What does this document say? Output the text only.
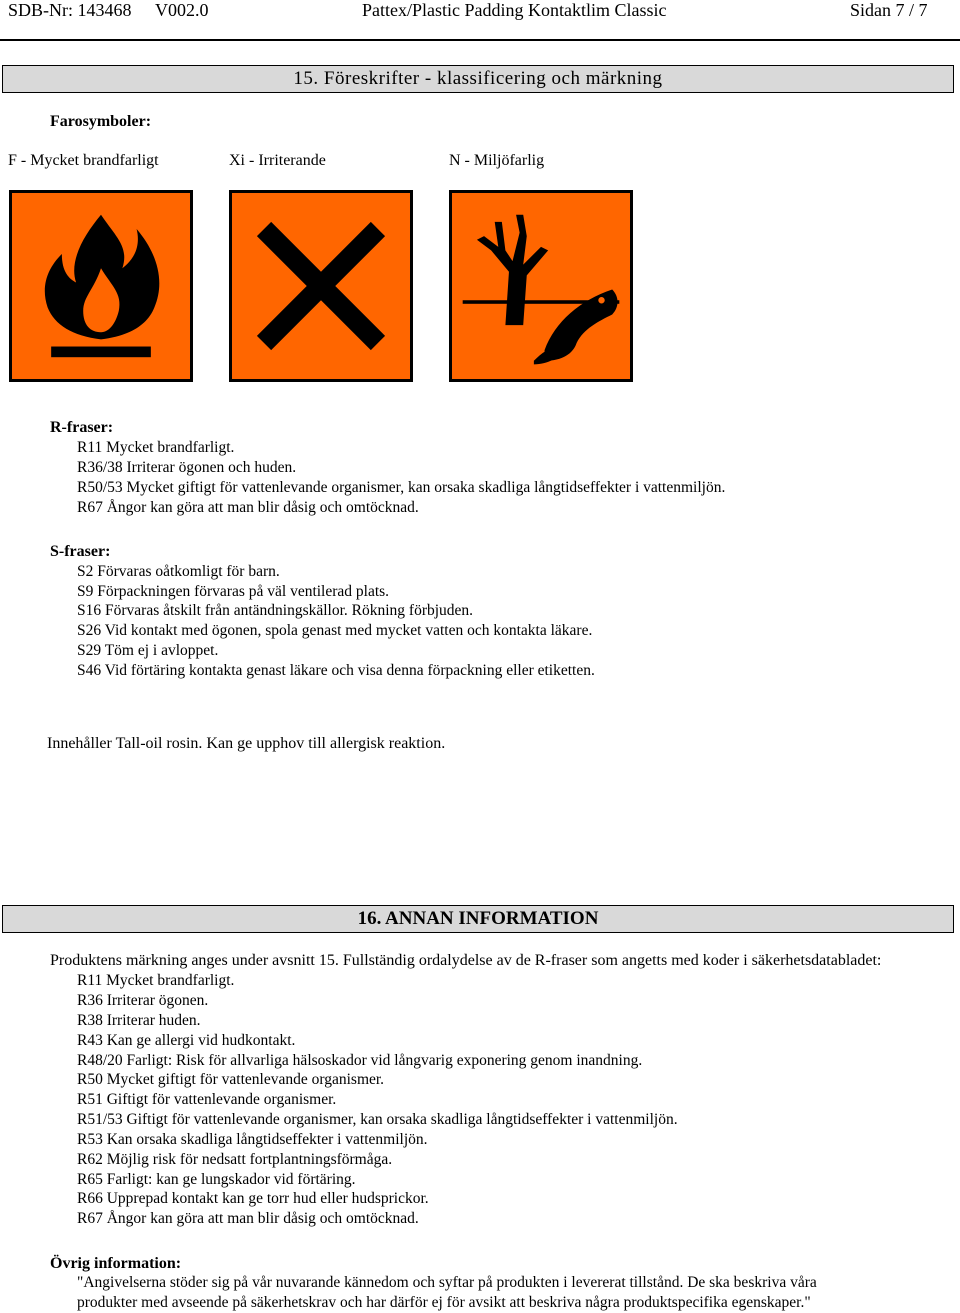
SDB-Nr: 143468 V002.0	Pattex/Plastic Padding Kontaktlim Classic	Sidan 7 / 7
15. Föreskrifter - klassificering och märkning
Farosymboler:
F - Mycket brandfarligt	Xi - Irriterande	N - Miljöfarlig
R-fraser:
R11 Mycket brandfarligt.
R36/38 Irriterar ögonen och huden.
R50/53 Mycket giftigt för vattenlevande organismer, kan orsaka skadliga långtidseffekter i vattenmiljön.
R67 Ångor kan göra att man blir dåsig och omtöcknad.
S-fraser:
S2 Förvaras oåtkomligt för barn.
S9 Förpackningen förvaras på väl ventilerad plats.
S16 Förvaras åtskilt från antändningskällor. Rökning förbjuden.
S26 Vid kontakt med ögonen, spola genast med mycket vatten och kontakta läkare.
S29 Töm ej i avloppet.
S46 Vid förtäring kontakta genast läkare och visa denna förpackning eller etiketten.
Innehåller Tall-oil rosin. Kan ge upphov till allergisk reaktion.
16. ANNAN INFORMATION
Produktens märkning anges under avsnitt 15. Fullständig ordalydelse av de R-fraser som angetts med koder i säkerhetsdatabladet:
R11 Mycket brandfarligt.
R36 Irriterar ögonen.
R38 Irriterar huden.
R43 Kan ge allergi vid hudkontakt.
R48/20 Farligt: Risk för allvarliga hälsoskador vid långvarig exponering genom inandning.
R50 Mycket giftigt för vattenlevande organismer.
R51 Giftigt för vattenlevande organismer.
R51/53 Giftigt för vattenlevande organismer, kan orsaka skadliga långtidseffekter i vattenmiljön.
R53 Kan orsaka skadliga långtidseffekter i vattenmiljön.
R62 Möjlig risk för nedsatt fortplantningsförmåga.
R65 Farligt: kan ge lungskador vid förtäring.
R66 Upprepad kontakt kan ge torr hud eller hudsprickor.
R67 Ångor kan göra att man blir dåsig och omtöcknad.
Övrig information:
"Angivelserna stöder sig på vår nuvarande kännedom och syftar på produkten i levererat tillstånd. De ska beskriva våra
produkter med avseende på säkerhetskrav och har därför ej för avsikt att beskriva några produktspecifika egenskaper."
